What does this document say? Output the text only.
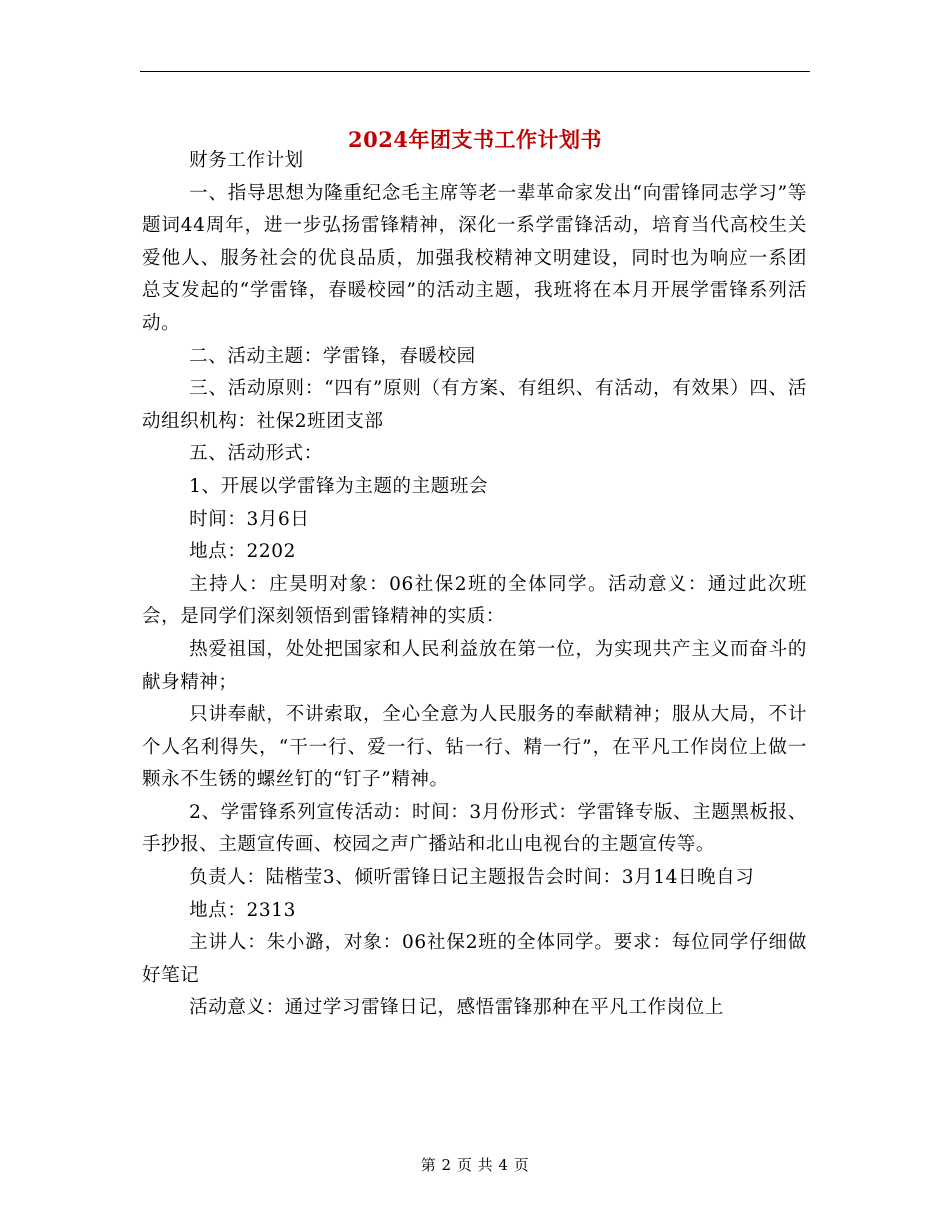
2024年团支书工作计划书

财务工作计划

一、指导思想为隆重纪念毛主席等老一辈革命家发出“向雷锋同志学习”等题词44周年，进一步弘扬雷锋精神，深化一系学雷锋活动，培育当代高校生关爱他人、服务社会的优良品质，加强我校精神文明建设，同时也为响应一系团总支发起的“学雷锋，春暖校园”的活动主题，我班将在本月开展学雷锋系列活动。

二、活动主题：学雷锋，春暖校园

三、活动原则：“四有”原则（有方案、有组织、有活动，有效果）四、活动组织机构：社保2班团支部

五、活动形式：

1、开展以学雷锋为主题的主题班会

时间：3月6日

地点：2202

主持人：庄昊明对象：06社保2班的全体同学。活动意义：通过此次班会，是同学们深刻领悟到雷锋精神的实质：

热爱祖国，处处把国家和人民利益放在第一位，为实现共产主义而奋斗的献身精神；

只讲奉献，不讲索取，全心全意为人民服务的奉献精神；服从大局，不计个人名利得失，“干一行、爱一行、钻一行、精一行”，在平凡工作岗位上做一颗永不生锈的螺丝钉的“钉子”精神。

2、学雷锋系列宣传活动：时间：3月份形式：学雷锋专版、主题黑板报、手抄报、主题宣传画、校园之声广播站和北山电视台的主题宣传等。

负责人：陆楷莹3、倾听雷锋日记主题报告会时间：3月14日晚自习

地点：2313

主讲人：朱小潞，对象：06社保2班的全体同学。要求：每位同学仔细做好笔记

活动意义：通过学习雷锋日记，感悟雷锋那种在平凡工作岗位上

第 2 页 共 4 页
